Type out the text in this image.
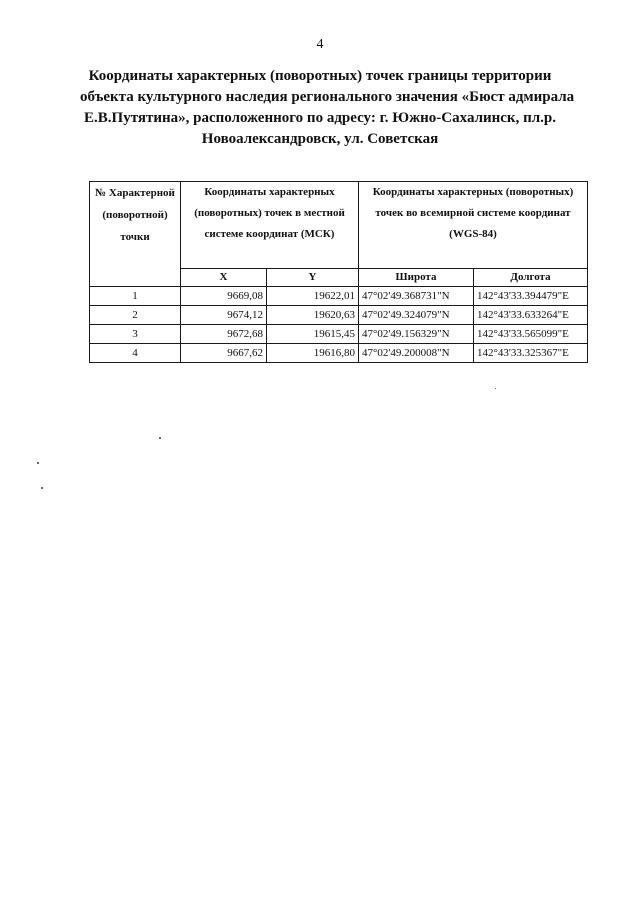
4
Координаты характерных (поворотных) точек границы территории
объекта культурного наследия регионального значения «Бюст адмирала
Е.В.Путятина», расположенного по адресу: г. Южно-Сахалинск, пл.р.
Новоалександровск, ул. Советская
№ Характерной (поворотной) точки	Координаты характерных (поворотных) точек в местной системе координат (МСК)		Координаты характерных (поворотных) точек во всемирной системе координат (WGS-84)	
	X	Y	Широта	Долгота
1	9669,08	19622,01	47°02'49.368731"N	142°43'33.394479"E
2	9674,12	19620,63	47°02'49.324079"N	142°43'33.633264"E
3	9672,68	19615,45	47°02'49.156329"N	142°43'33.565099"E
4	9667,62	19616,80	47°02'49.200008"N	142°43'33.325367"E
